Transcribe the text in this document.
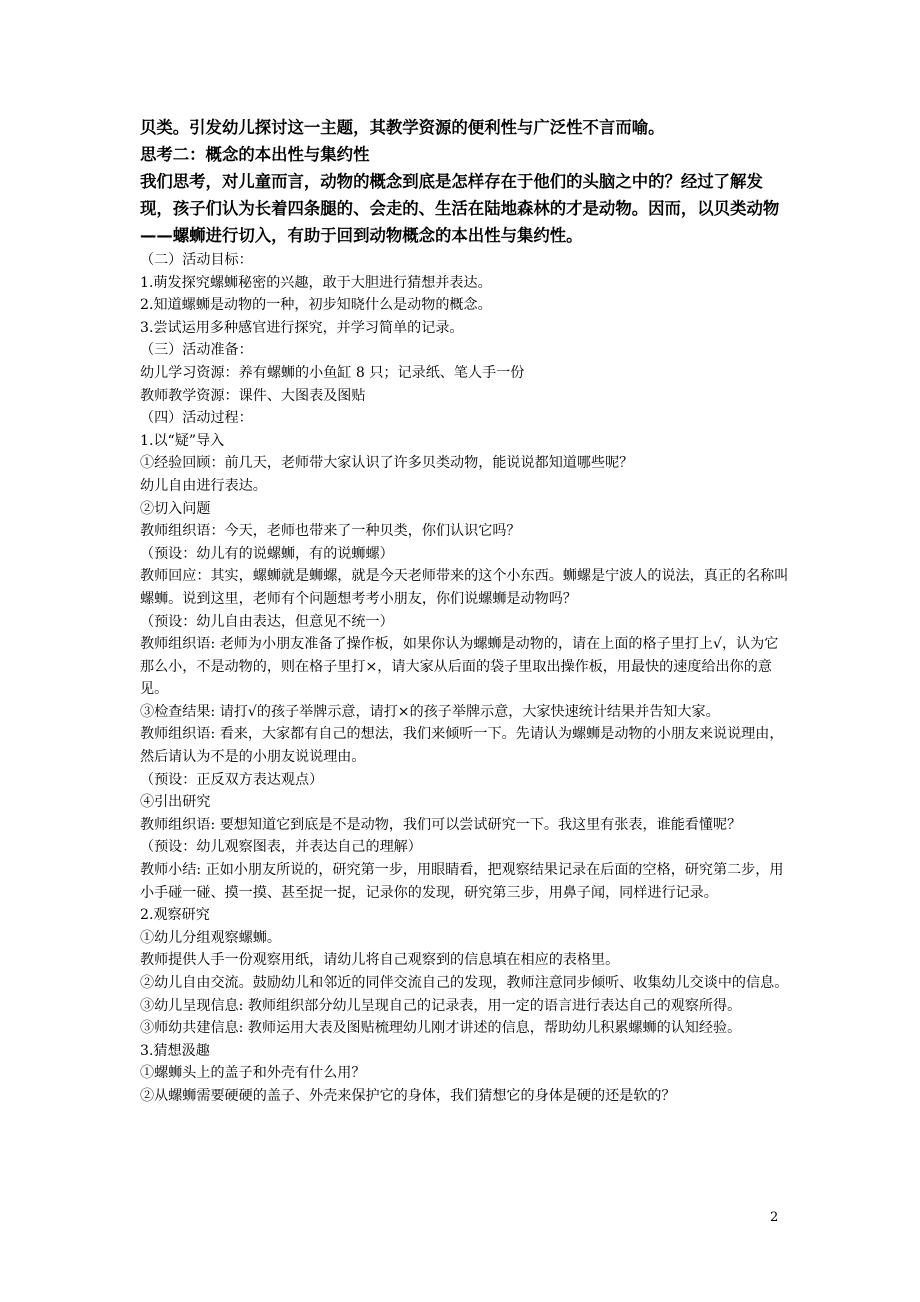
贝类。引发幼儿探讨这一主题，其教学资源的便利性与广泛性不言而喻。

思考二：概念的本出性与集约性

我们思考，对儿童而言，动物的概念到底是怎样存在于他们的头脑之中的？经过了解发现，孩子们认为长着四条腿的、会走的、生活在陆地森林的才是动物。因而，以贝类动物——螺蛳进行切入，有助于回到动物概念的本出性与集约性。

（二）活动目标：

1.萌发探究螺蛳秘密的兴趣，敢于大胆进行猜想并表达。

2.知道螺蛳是动物的一种，初步知晓什么是动物的概念。

3.尝试运用多种感官进行探究，并学习简单的记录。

（三）活动准备：

幼儿学习资源：养有螺蛳的小鱼缸 8 只；记录纸、笔人手一份

教师教学资源：课件、大图表及图贴

（四）活动过程：

1.以“疑”导入

①经验回顾：前几天，老师带大家认识了许多贝类动物，能说说都知道哪些呢？

幼儿自由进行表达。

②切入问题

教师组织语：今天，老师也带来了一种贝类，你们认识它吗？

（预设：幼儿有的说螺蛳，有的说蛳螺）

教师回应：其实，螺蛳就是蛳螺，就是今天老师带来的这个小东西。蛳螺是宁波人的说法，真正的名称叫螺蛳。说到这里，老师有个问题想考考小朋友，你们说螺蛳是动物吗？

（预设：幼儿自由表达，但意见不统一）

教师组织语: 老师为小朋友准备了操作板，如果你认为螺蛳是动物的，请在上面的格子里打上√，认为它那么小，不是动物的，则在格子里打×，请大家从后面的袋子里取出操作板，用最快的速度给出你的意见。

③检查结果: 请打√的孩子举牌示意，请打×的孩子举牌示意，大家快速统计结果并告知大家。

教师组织语: 看来，大家都有自己的想法，我们来倾听一下。先请认为螺蛳是动物的小朋友来说说理由，然后请认为不是的小朋友说说理由。

（预设：正反双方表达观点）

④引出研究

教师组织语: 要想知道它到底是不是动物，我们可以尝试研究一下。我这里有张表，谁能看懂呢？

（预设：幼儿观察图表，并表达自己的理解）

教师小结: 正如小朋友所说的，研究第一步，用眼睛看，把观察结果记录在后面的空格，研究第二步，用小手碰一碰、摸一摸、甚至捉一捉，记录你的发现，研究第三步，用鼻子闻，同样进行记录。

2.观察研究

①幼儿分组观察螺蛳。

教师提供人手一份观察用纸，请幼儿将自己观察到的信息填在相应的表格里。

②幼儿自由交流。鼓励幼儿和邻近的同伴交流自己的发现，教师注意同步倾听、收集幼儿交谈中的信息。

③幼儿呈现信息: 教师组织部分幼儿呈现自己的记录表，用一定的语言进行表达自己的观察所得。

③师幼共建信息: 教师运用大表及图贴梳理幼儿刚才讲述的信息，帮助幼儿积累螺蛳的认知经验。

3.猜想汲趣

①螺蛳头上的盖子和外壳有什么用？

②从螺蛳需要硬硬的盖子、外壳来保护它的身体，我们猜想它的身体是硬的还是软的？

2
